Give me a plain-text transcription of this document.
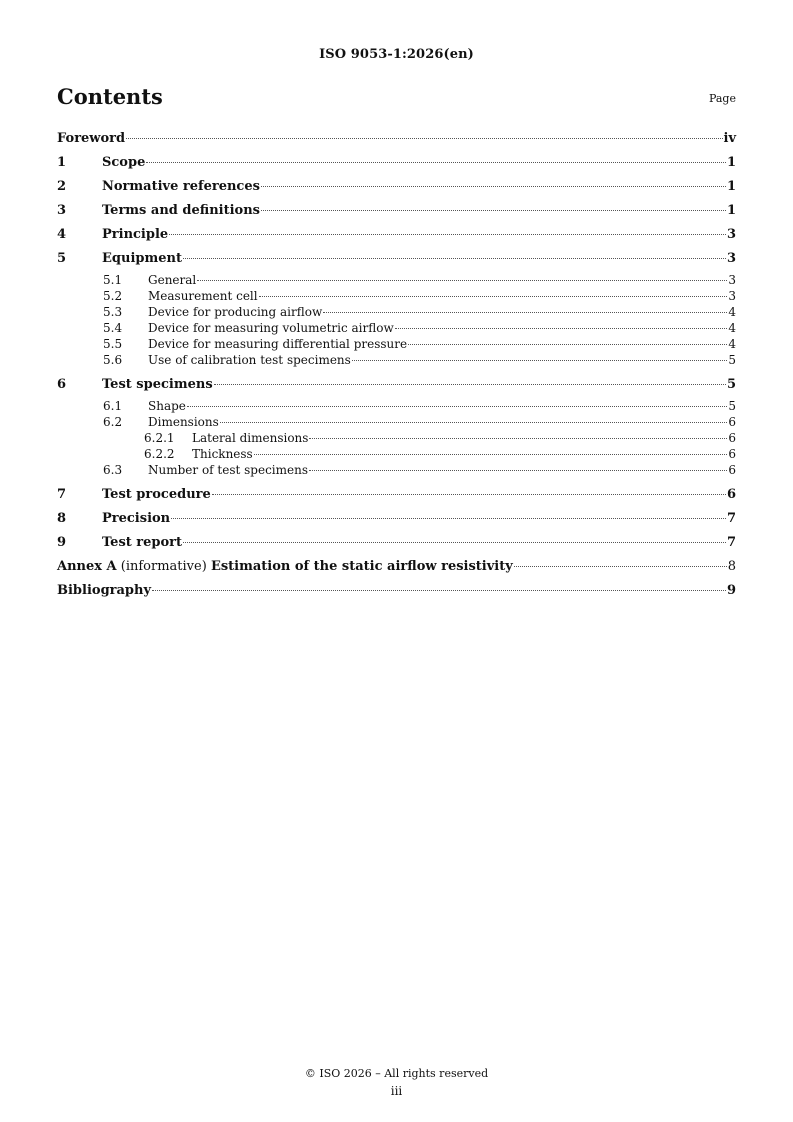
ISO 9053-1:2026(en)
Contents	Page
Foreword	iv
1	Scope	1
2	Normative references	1
3	Terms and definitions	1
4	Principle	3
5	Equipment	3
5.1	General	3
5.2	Measurement cell	3
5.3	Device for producing airflow	4
5.4	Device for measuring volumetric airflow	4
5.5	Device for measuring differential pressure	4
5.6	Use of calibration test specimens	5
6	Test specimens	5
6.1	Shape	5
6.2	Dimensions	6
6.2.1	Lateral dimensions	6
6.2.2	Thickness	6
6.3	Number of test specimens	6
7	Test procedure	6
8	Precision	7
9	Test report	7
Annex A (informative) Estimation of the static airflow resistivity	8
Bibliography	9
© ISO 2026 – All rights reserved
iii
